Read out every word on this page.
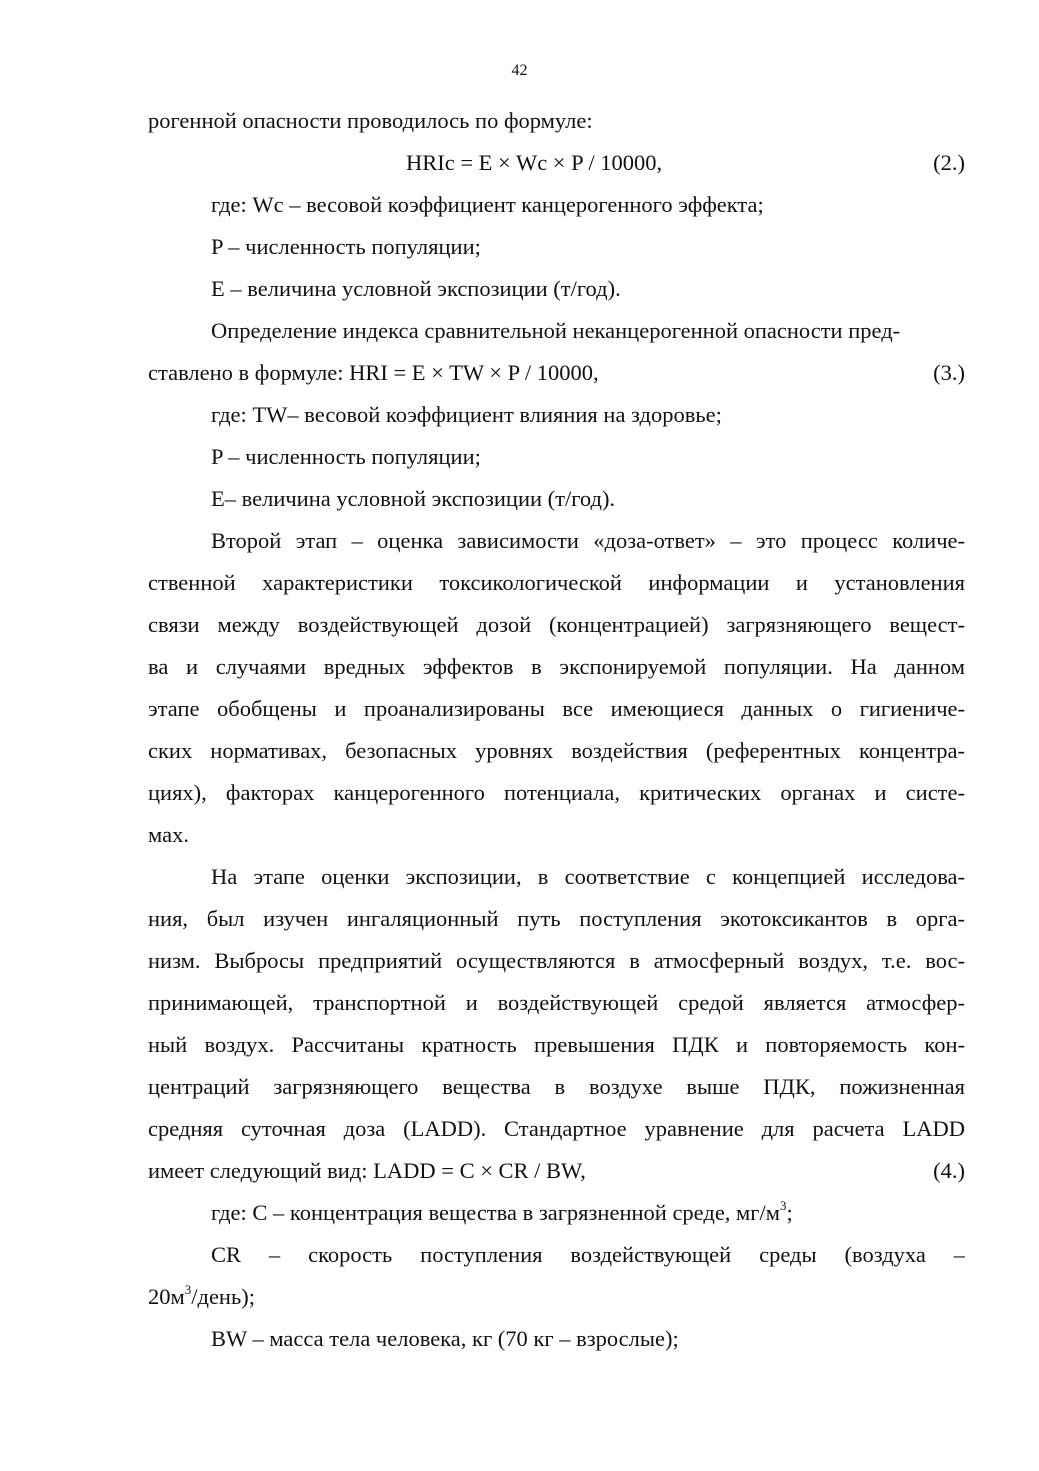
42
рогенной опасности проводилось по формуле:
HRIc = E × Wc × P / 10000,	(2.)
где: Wc – весовой коэффициент канцерогенного эффекта;
P – численность популяции;
E – величина условной экспозиции (т/год).
Определение индекса сравнительной неканцерогенной опасности пред-
ставлено в формуле: HRI = E × TW × P / 10000,	(3.)
где: TW– весовой коэффициент влияния на здоровье;
P – численность популяции;
E– величина условной экспозиции (т/год).
Второй этап – оценка зависимости «доза-ответ» – это процесс количе-
ственной характеристики токсикологической информации и установления
связи между воздействующей дозой (концентрацией) загрязняющего вещест-
ва и случаями вредных эффектов в экспонируемой популяции. На данном
этапе обобщены и проанализированы все имеющиеся данных о гигиениче-
ских нормативах, безопасных уровнях воздействия (референтных концентра-
циях), факторах канцерогенного потенциала, критических органах и систе-
мах.
На этапе оценки экспозиции, в соответствие с концепцией исследова-
ния, был изучен ингаляционный путь поступления экотоксикантов в орга-
низм. Выбросы предприятий осуществляются в атмосферный воздух, т.е. вос-
принимающей, транспортной и воздействующей средой является атмосфер-
ный воздух. Рассчитаны кратность превышения ПДК и повторяемость кон-
центраций загрязняющего вещества в воздухе выше ПДК, пожизненная
средняя суточная доза (LADD). Стандартное уравнение для расчета LADD
имеет следующий вид: LADD = C × CR / BW,	(4.)
где: C – концентрация вещества в загрязненной среде, $мг/м^3$;
CR – скорость поступления воздействующей среды (воздуха –
$20м^3/день$);
BW – масса тела человека, кг (70 кг – взрослые);
